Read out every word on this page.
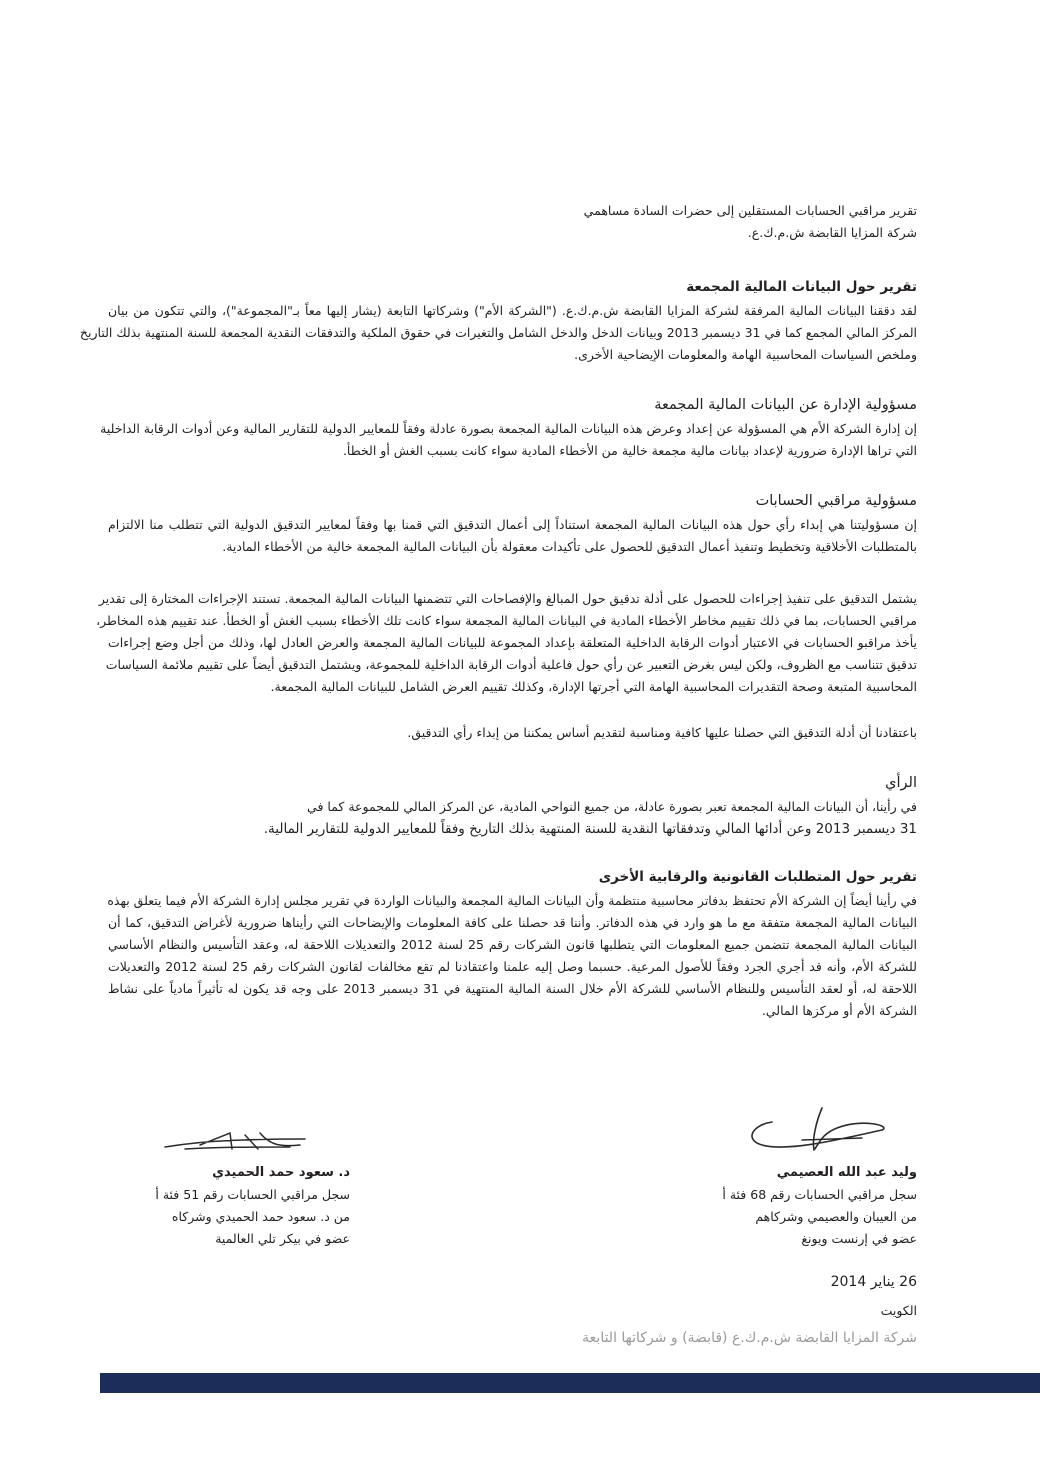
تقرير مراقبي الحسابات المستقلين إلى حضرات السادة مساهمي
شركة المزايا القابضة ش.م.ك.ع.
تقرير حول البيانات المالية المجمعة
لقد دققنا البيانات المالية المرفقة لشركة المزايا القابضة ش.م.ك.ع. ("الشركة الأم") وشركاتها التابعة (يشار إليها معاً بـ"المجموعة")، والتي تتكون من بيان
المركز المالي المجمع كما في 31 ديسمبر 2013 وبيانات الدخل والدخل الشامل والتغيرات في حقوق الملكية والتدفقات النقدية المجمعة للسنة المنتهية بذلك التاريخ
وملخص السياسات المحاسبية الهامة والمعلومات الإيضاحية الأخرى.
مسؤولية الإدارة عن البيانات المالية المجمعة
إن إدارة الشركة الأم هي المسؤولة عن إعداد وعرض هذه البيانات المالية المجمعة بصورة عادلة وفقاً للمعايير الدولية للتقارير المالية وعن أدوات الرقابة الداخلية
التي تراها الإدارة ضرورية لإعداد بيانات مالية مجمعة خالية من الأخطاء المادية سواء كانت بسبب الغش أو الخطأ.
مسؤولية مراقبي الحسابات
إن مسؤوليتنا هي إبداء رأي حول هذه البيانات المالية المجمعة استناداً إلى أعمال التدقيق التي قمنا بها وفقاً لمعايير التدقيق الدولية التي تتطلب منا الالتزام
بالمتطلبات الأخلاقية وتخطيط وتنفيذ أعمال التدقيق للحصول على تأكيدات معقولة بأن البيانات المالية المجمعة خالية من الأخطاء المادية.
يشتمل التدقيق على تنفيذ إجراءات للحصول على أدلة تدقيق حول المبالغ والإفصاحات التي تتضمنها البيانات المالية المجمعة. تستند الإجراءات المختارة إلى تقدير
مراقبي الحسابات، بما في ذلك تقييم مخاطر الأخطاء المادية في البيانات المالية المجمعة سواء كانت تلك الأخطاء بسبب الغش أو الخطأ. عند تقييم هذه المخاطر،
يأخذ مراقبو الحسابات في الاعتبار أدوات الرقابة الداخلية المتعلقة بإعداد المجموعة للبيانات المالية المجمعة والعرض العادل لها، وذلك من أجل وضع إجراءات
تدقيق تتناسب مع الظروف، ولكن ليس بغرض التعبير عن رأي حول فاعلية أدوات الرقابة الداخلية للمجموعة، ويشتمل التدقيق أيضاً على تقييم ملائمة السياسات
المحاسبية المتبعة وصحة التقديرات المحاسبية الهامة التي أجرتها الإدارة، وكذلك تقييم العرض الشامل للبيانات المالية المجمعة.
باعتقادنا أن أدلة التدقيق التي حصلنا عليها كافية ومناسبة لتقديم أساس يمكننا من إبداء رأي التدقيق.
الرأي
في رأينا، أن البيانات المالية المجمعة تعبر بصورة عادلة، من جميع النواحي المادية، عن المركز المالي للمجموعة كما في
31 ديسمبر 2013 وعن أدائها المالي وتدفقاتها النقدية للسنة المنتهية بذلك التاريخ وفقاً للمعايير الدولية للتقارير المالية.
تقرير حول المتطلبات القانونية والرقابية الأخرى
في رأينا أيضاً إن الشركة الأم تحتفظ بدفاتر محاسبية منتظمة وأن البيانات المالية المجمعة والبيانات الواردة في تقرير مجلس إدارة الشركة الأم فيما يتعلق بهذه
البيانات المالية المجمعة متفقة مع ما هو وارد في هذه الدفاتر. وأننا قد حصلنا على كافة المعلومات والإيضاحات التي رأيناها ضرورية لأغراض التدقيق، كما أن
البيانات المالية المجمعة تتضمن جميع المعلومات التي يتطلبها قانون الشركات رقم 25 لسنة 2012 والتعديلات اللاحقة له، وعقد التأسيس والنظام الأساسي
للشركة الأم، وأنه قد أجري الجرد وفقاً للأصول المرعية. حسبما وصل إليه علمنا واعتقادنا لم تقع مخالفات لقانون الشركات رقم 25 لسنة 2012 والتعديلات
اللاحقة له، أو لعقد التأسيس وللنظام الأساسي للشركة الأم خلال السنة المالية المنتهية في 31 ديسمبر 2013 على وجه قد يكون له تأثيراً مادياً على نشاط
الشركة الأم أو مركزها المالي.
وليد عبد الله العصيمي
سجل مراقبي الحسابات رقم 68 فئة أ
من العيبان والعصيمي وشركاهم
عضو في إرنست ويونغ
د. سعود حمد الحميدي
سجل مراقبي الحسابات رقم 51 فئة أ
من د. سعود حمد الحميدي وشركاه
عضو في بيكر تلي العالمية
26 يناير 2014
الكويت
شركة المزايا القابضة ش.م.ك.ع (قابضة) و شركاتها التابعة
